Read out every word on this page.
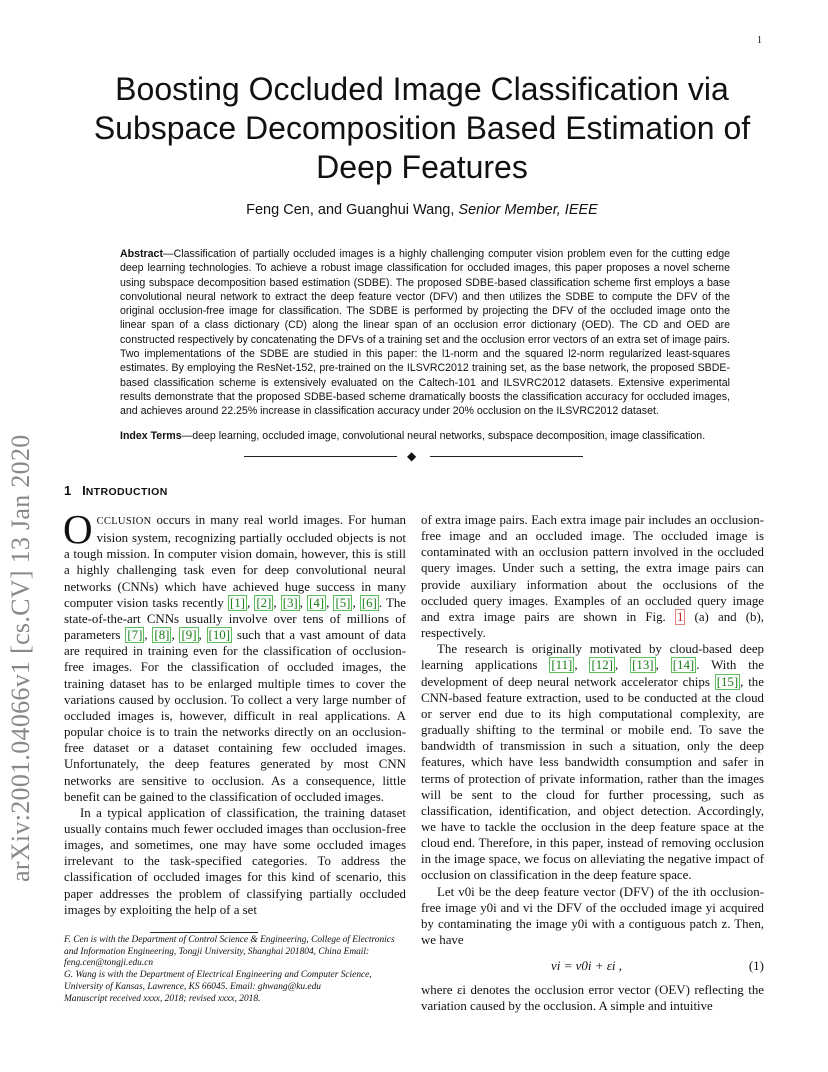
1
Boosting Occluded Image Classification via Subspace Decomposition Based Estimation of Deep Features
Feng Cen, and Guanghui Wang, Senior Member, IEEE
Abstract—Classification of partially occluded images is a highly challenging computer vision problem even for the cutting edge deep learning technologies. To achieve a robust image classification for occluded images, this paper proposes a novel scheme using subspace decomposition based estimation (SDBE). The proposed SDBE-based classification scheme first employs a base convolutional neural network to extract the deep feature vector (DFV) and then utilizes the SDBE to compute the DFV of the original occlusion-free image for classification. The SDBE is performed by projecting the DFV of the occluded image onto the linear span of a class dictionary (CD) along the linear span of an occlusion error dictionary (OED). The CD and OED are constructed respectively by concatenating the DFVs of a training set and the occlusion error vectors of an extra set of image pairs. Two implementations of the SDBE are studied in this paper: the l1-norm and the squared l2-norm regularized least-squares estimates. By employing the ResNet-152, pre-trained on the ILSVRC2012 training set, as the base network, the proposed SBDE-based classification scheme is extensively evaluated on the Caltech-101 and ILSVRC2012 datasets. Extensive experimental results demonstrate that the proposed SDBE-based scheme dramatically boosts the classification accuracy for occluded images, and achieves around 22.25% increase in classification accuracy under 20% occlusion on the ILSVRC2012 dataset.
Index Terms—deep learning, occluded image, convolutional neural networks, subspace decomposition, image classification.
◆
1 INTRODUCTION

OCCLUSION occurs in many real world images. For human vision system, recognizing partially occluded objects is not a tough mission. In computer vision domain, however, this is still a highly challenging task even for deep convolutional neural networks (CNNs) which have achieved huge success in many computer vision tasks recently [1] , [2] , [3] , [4] , [5] , [6] . The state-of-the-art CNNs usually involve over tens of millions of parameters [7] , [8] , [9] , [10] such that a vast amount of data are required in training even for the classification of occlusion-free images. For the classification of occluded images, the training dataset has to be enlarged multiple times to cover the variations caused by occlusion. To collect a very large number of occluded images is, however, difficult in real applications. A popular choice is to train the networks directly on an occlusion-free dataset or a dataset containing few occluded images. Unfortunately, the deep features generated by most CNN networks are sensitive to occlusion. As a consequence, little benefit can be gained to the classification of occluded images.

In a typical application of classification, the training dataset usually contains much fewer occluded images than occlusion-free images, and sometimes, one may have some occluded images irrelevant to the task-specified categories. To address the classification of occluded images for this kind of scenario, this paper addresses the problem of classifying partially occluded images by exploiting the help of a set

F. Cen is with the Department of Control Science & Engineering, College of Electronics and Information Engineering, Tongji University, Shanghai 201804, China Email: feng.cen@tongji.edu.cn
G. Wang is with the Department of Electrical Engineering and Computer Science, University of Kansas, Lawrence, KS 66045. Email: ghwang@ku.edu
Manuscript received xxxx, 2018; revised xxxx, 2018.

of extra image pairs. Each extra image pair includes an occlusion-free image and an occluded image. The occluded image is contaminated with an occlusion pattern involved in the occluded query images. Under such a setting, the extra image pairs can provide auxiliary information about the occlusions of the occluded query images. Examples of an occluded query image and extra image pairs are shown in Fig. 1 (a) and (b), respectively.

The research is originally motivated by cloud-based deep learning applications [11] , [12] , [13] , [14] . With the development of deep neural network accelerator chips [15] , the CNN-based feature extraction, used to be conducted at the cloud or server end due to its high computational complexity, are gradually shifting to the terminal or mobile end. To save the bandwidth of transmission in such a situation, only the deep features, which have less bandwidth consumption and safer in terms of protection of private information, rather than the images will be sent to the cloud for further processing, such as classification, identification, and object detection. Accordingly, we have to tackle the occlusion in the deep feature space at the cloud end. Therefore, in this paper, instead of removing occlusion in the image space, we focus on alleviating the negative impact of occlusion on classification in the deep feature space.

Let v0i be the deep feature vector (DFV) of the ith occlusion-free image y0i and vi the DFV of the occluded image yi acquired by contaminating the image y0i with a contiguous patch z. Then, we have

vi = v0i + εi ,	(1)

where εi denotes the occlusion error vector (OEV) reflecting the variation caused by the occlusion. A simple and intuitive

arXiv:2001.04066v1 [cs.CV] 13 Jan 2020
